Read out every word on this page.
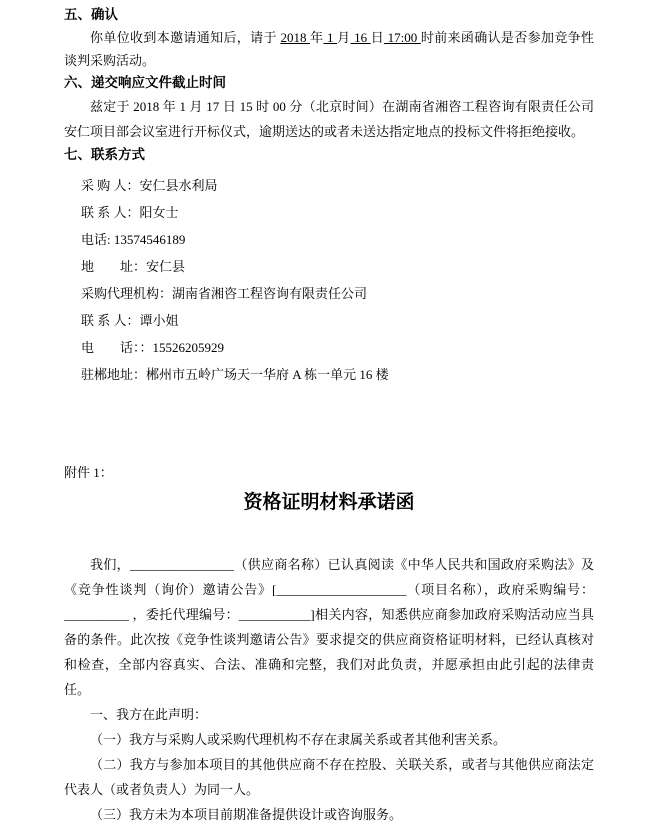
五、确认

你单位收到本邀请通知后，请于 2018 年 1 月 16 日 17:00 时前来函确认是否参加竞争性谈判采购活动。

六、递交响应文件截止时间

兹定于 2018 年 1 月 17 日 15 时 00 分（北京时间）在湖南省湘咨工程咨询有限责任公司安仁项目部会议室进行开标仪式，逾期送达的或者未送达指定地点的投标文件将拒绝接收。

七、联系方式

采 购 人：安仁县水利局

联 系 人：阳女士

电话: 13574546189

地　　址：安仁县

采购代理机构：湖南省湘咨工程咨询有限责任公司

联 系 人：谭小姐

电　　话：：15526205929

驻郴地址：郴州市五岭广场天一华府 A 栋一单元 16 楼

附件 1：

资格证明材料承诺函

我们，________________（供应商名称）已认真阅读《中华人民共和国政府采购法》及《竞争性谈判（询价）邀请公告》[____________________（项目名称），政府采购编号：__________ ，委托代理编号：___________]相关内容，知悉供应商参加政府采购活动应当具备的条件。此次按《竞争性谈判邀请公告》要求提交的供应商资格证明材料，已经认真核对和检查，全部内容真实、合法、准确和完整，我们对此负责，并愿承担由此引起的法律责任。

一、我方在此声明：

（一）我方与采购人或采购代理机构不存在隶属关系或者其他利害关系。

（二）我方与参加本项目的其他供应商不存在控股、关联关系，或者与其他供应商法定代表人（或者负责人）为同一人。

（三）我方未为本项目前期准备提供设计或咨询服务。
